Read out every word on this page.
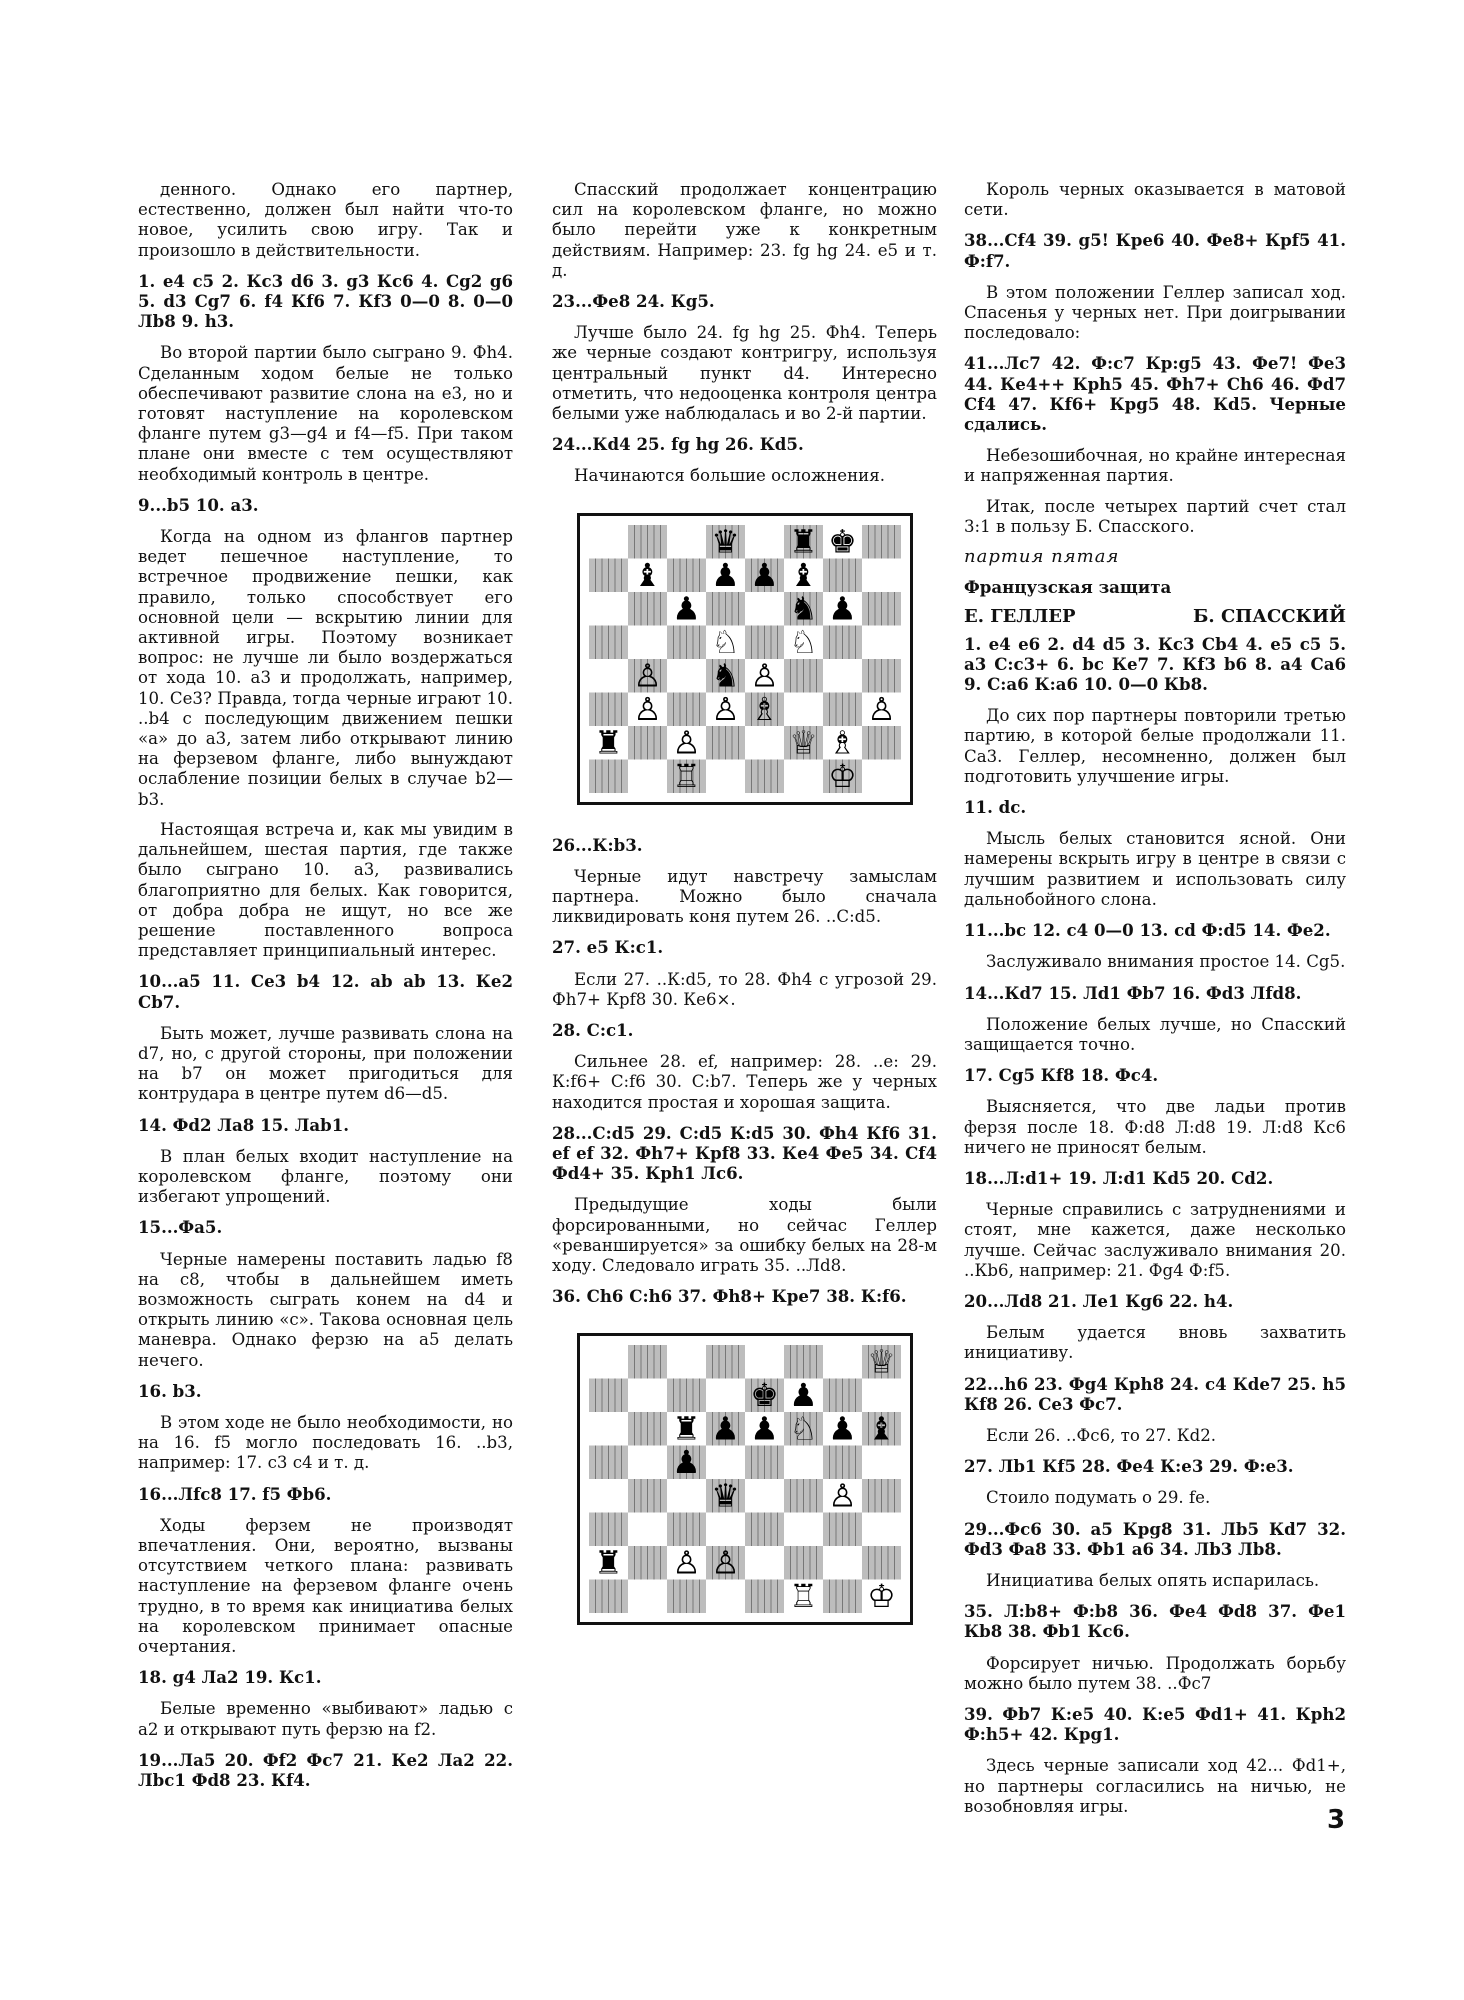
денного. Однако его партнер, естественно, должен был найти что-то новое, усилить свою игру. Так и произошло в действительности.

1. e4 c5 2. Кc3 d6 3. g3 Кc6 4. Cg2 g6 5. d3 Cg7 6. f4 Кf6 7. Кf3 0—0 8. 0—0 Лb8 9. h3.

Во второй партии было сыграно 9. Фh4. Сделанным ходом белые не только обеспечивают развитие слона на e3, но и готовят наступление на королевском фланге путем g3—g4 и f4—f5. При таком плане они вместе с тем осуществляют необходимый контроль в центре.

9...b5 10. a3.

Когда на одном из флангов партнер ведет пешечное наступление, то встречное продвижение пешки, как правило, только способствует его основной цели — вскрытию линии для активной игры. Поэтому возникает вопрос: не лучше ли было воздержаться от хода 10. a3 и продолжать, например, 10. Ce3? Правда, тогда черные играют 10. ..b4 с последующим движением пешки «а» до a3, затем либо открывают линию на ферзевом фланге, либо вынуждают ослабление позиции белых в случае b2—b3.

Настоящая встреча и, как мы увидим в дальнейшем, шестая партия, где также было сыграно 10. a3, развивались благоприятно для белых. Как говорится, от добра добра не ищут, но все же решение поставленного вопроса представляет принципиальный интерес.

10...a5 11. Ce3 b4 12. ab ab 13. Кe2 Cb7.

Быть может, лучше развивать слона на d7, но, с другой стороны, при положении на b7 он может пригодиться для контрудара в центре путем d6—d5.

14. Фd2 Лa8 15. Лab1.

В план белых входит наступление на королевском фланге, поэтому они избегают упрощений.

15...Фa5.

Черные намерены поставить ладью f8 на c8, чтобы в дальнейшем иметь возможность сыграть конем на d4 и открыть линию «с». Такова основная цель маневра. Однако ферзю на a5 делать нечего.

16. b3.

В этом ходе не было необходимости, но на 16. f5 могло последовать 16. ..b3, например: 17. c3 c4 и т. д.

16...Лfc8 17. f5 Фb6.

Ходы ферзем не производят впечатления. Они, вероятно, вызваны отсутствием четкого плана: развивать наступление на ферзевом фланге очень трудно, в то время как инициатива белых на королевском принимает опасные очертания.

18. g4 Лa2 19. Кc1.

Белые временно «выбивают» ладью с a2 и открывают путь ферзю на f2.

19...Лa5 20. Фf2 Фc7 21. Кe2 Лa2 22. Лbc1 Фd8 23. Кf4.

Спасский продолжает концентрацию сил на королевском фланге, но можно было перейти уже к конкретным действиям. Например: 23. fg hg 24. e5 и т. д.

23...Фe8 24. Кg5.

Лучше было 24. fg hg 25. Фh4. Теперь же черные создают контригру, используя центральный пункт d4. Интересно отметить, что недооценка контроля центра белыми уже наблюдалась и во 2-й партии.

24...Кd4 25. fg hg 26. Кd5.

Начинаются большие осложнения.

♛ ♜ ♚
♝ ♟ ♟ ♝
♟	♞ ♟
♘ ♘
♙ ♞ ♙
♙ ♙ ♗	♙
♜ ♙	♕ ♗
♖	♔

26...К:b3.

Черные идут навстречу замыслам партнера. Можно было сначала ликвидировать коня путем 26. ..C:d5.

27. e5 К:c1.

Если 27. ..К:d5, то 28. Фh4 с угрозой 29. Фh7+ Кpf8 30. Кe6×.

28. С:c1.

Сильнее 28. ef, например: 28. ..e: 29. К:f6+ С:f6 30. С:b7. Теперь же у черных находится простая и хорошая защита.

28...C:d5 29. C:d5 К:d5 30. Фh4 Кf6 31. ef ef 32. Фh7+ Кpf8 33. Кe4 Фe5 34. Cf4 Фd4+ 35. Кph1 Лc6.

Предыдущие ходы были форсированными, но сейчас Геллер «реваншируется» за ошибку белых на 28-м ходу. Следовало играть 35. ..Лd8.

36. Ch6 C:h6 37. Фh8+ Кpe7 38. К:f6.

♕
♚ ♟
♟ ♟ ♟ ♝
♜	♘
♟
♛	♙
♙ ♙
♜
♖ ♔

Король черных оказывается в матовой сети.

38...Cf4 39. g5! Кpe6 40. Фe8+ Кpf5 41. Ф:f7.

В этом положении Геллер записал ход. Спасенья у черных нет. При доигрывании последовало:

41...Лc7 42. Ф:c7 Кр:g5 43. Фe7! Фe3 44. Кe4++ Кph5 45. Фh7+ Ch6 46. Фd7 Cf4 47. Кf6+ Кpg5 48. Кd5. Черные сдались.

Небезошибочная, но крайне интересная и напряженная партия.

Итак, после четырех партий счет стал 3:1 в пользу Б. Спасского.

партия пятая

Французская защита

Е. ГЕЛЛЕР	Б. СПАССКИЙ

1. e4 e6 2. d4 d5 3. Кc3 Cb4 4. e5 c5 5. a3 С:c3+ 6. bc Кe7 7. Кf3 b6 8. a4 Ca6 9. С:a6 К:a6 10. 0—0 Кb8.

До сих пор партнеры повторили третью партию, в которой белые продолжали 11. Ca3. Геллер, несомненно, должен был подготовить улучшение игры.

11. dc.

Мысль белых становится ясной. Они намерены вскрыть игру в центре в связи с лучшим развитием и использовать силу дальнобойного слона.

11...bc 12. c4 0—0 13. cd Ф:d5 14. Фe2.

Заслуживало внимания простое 14. Cg5.

14...Кd7 15. Лd1 Фb7 16. Фd3 Лfd8.

Положение белых лучше, но Спасский защищается точно.

17. Cg5 Кf8 18. Фc4.

Выясняется, что две ладьи против ферзя после 18. Ф:d8 Л:d8 19. Л:d8 Кc6 ничего не приносят белым.

18...Л:d1+ 19. Л:d1 Кd5 20. Cd2.

Черные справились с затруднениями и стоят, мне кажется, даже несколько лучше. Сейчас заслуживало внимания 20. ..Кb6, например: 21. Фg4 Ф:f5.

20...Лd8 21. Лe1 Кg6 22. h4.

Белым удается вновь захватить инициативу.

22...h6 23. Фg4 Кph8 24. c4 Кde7 25. h5 Кf8 26. Ce3 Фc7.

Если 26. ..Фc6, то 27. Кd2.

27. Лb1 Кf5 28. Фe4 К:e3 29. Ф:e3.

Стоило подумать о 29. fe.

29...Фc6 30. a5 Кpg8 31. Лb5 Кd7 32. Фd3 Фa8 33. Фb1 a6 34. Лb3 Лb8.

Инициатива белых опять испарилась.

35. Л:b8+ Ф:b8 36. Фe4 Фd8 37. Фe1 Кb8 38. Фb1 Кc6.

Форсирует ничью. Продолжать борьбу можно было путем 38. ..Фc7

39. Фb7 К:e5 40. К:e5 Фd1+ 41. Кph2 Ф:h5+ 42. Кpg1.

Здесь черные записали ход 42... Фd1+, но партнеры согласились на ничью, не возобновляя игры.	3
